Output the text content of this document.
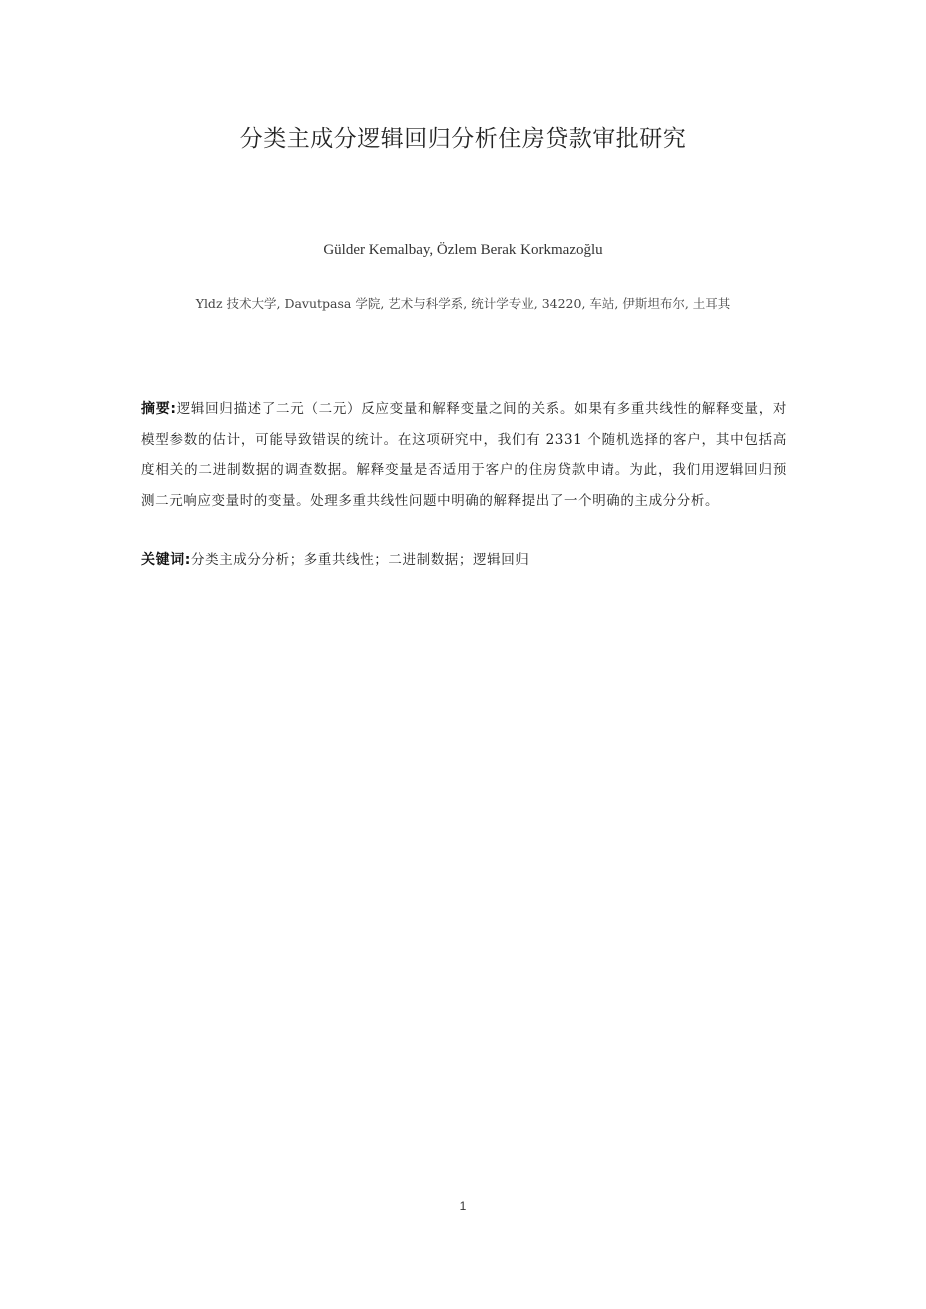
分类主成分逻辑回归分析住房贷款审批研究
Gülder Kemalbay, Özlem Berak Korkmazoğlu
Yldz 技术大学, Davutpasa 学院, 艺术与科学系, 统计学专业, 34220, 车站, 伊斯坦布尔, 土耳其
摘要:逻辑回归描述了二元（二元）反应变量和解释变量之间的关系。如果有多重共线性的解释变量，对模型参数的估计，可能导致错误的统计。在这项研究中，我们有 2331 个随机选择的客户，其中包括高度相关的二进制数据的调查数据。解释变量是否适用于客户的住房贷款申请。为此，我们用逻辑回归预测二元响应变量时的变量。处理多重共线性问题中明确的解释提出了一个明确的主成分分析。
关键词:分类主成分分析；多重共线性；二进制数据；逻辑回归
1
